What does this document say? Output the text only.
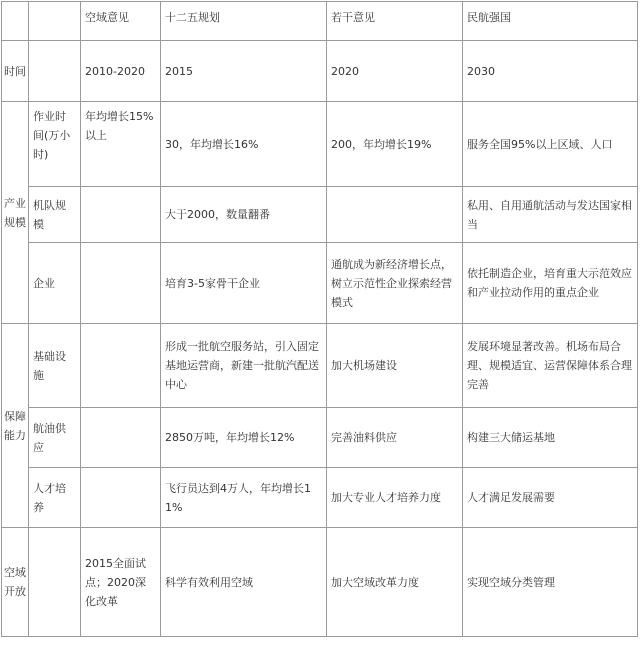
		空域意见	十二五规划	若干意见	民航强国
时间		2010-2020	2015	2020	2030
产业规模	作业时间(万小时)	年均增长15%以上	30，年均增长16%	200，年均增长19%	服务全国95%以上区域、人口
	机队规模		大于2000，数量翻番		私用、自用通航活动与发达国家相当
	企业		培育3-5家骨干企业	通航成为新经济增长点，树立示范性企业探索经营模式	依托制造企业，培育重大示范效应和产业拉动作用的重点企业
保障能力	基础设施		形成一批航空服务站，引入固定基地运营商，新建一批航汽配送中心	加大机场建设	发展环境显著改善。机场布局合理、规模适宜、运营保障体系合理完善
	航油供应		2850万吨，年均增长12%	完善油料供应	构建三大储运基地
	人才培养		飞行员达到4万人，年均增长11%	加大专业人才培养力度	人才满足发展需要
空域开放		2015全面试点；2020深化改革	科学有效利用空域	加大空域改革力度	实现空域分类管理
